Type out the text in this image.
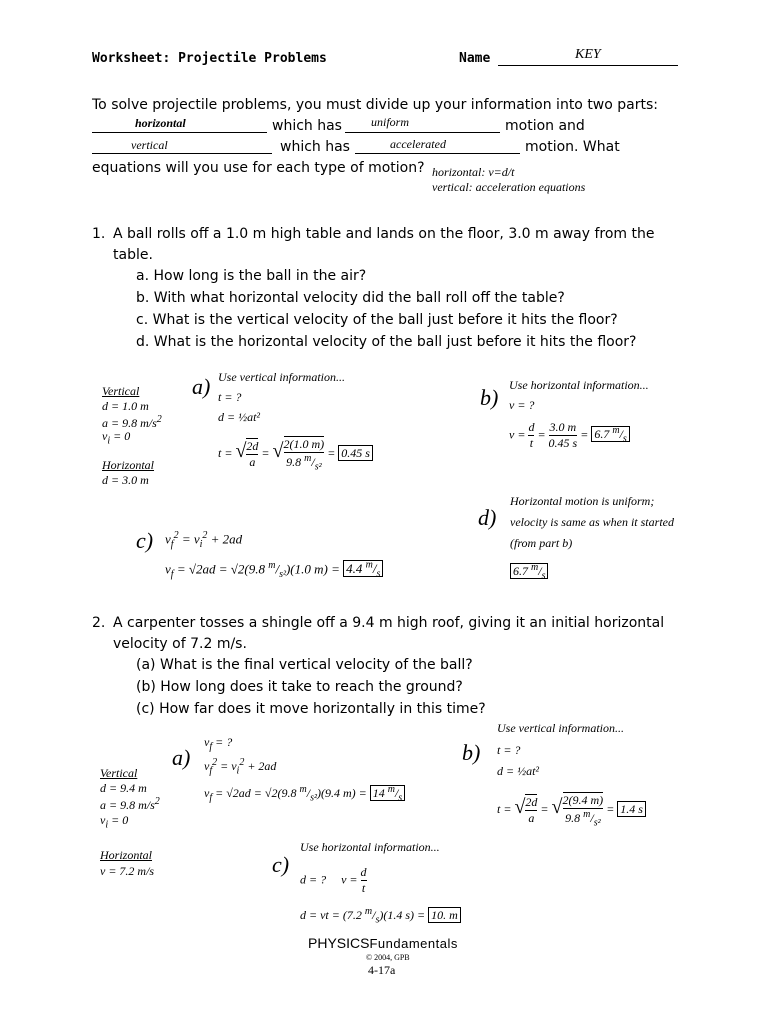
Worksheet: Projectile Problems	Name	KEY
To solve projectile problems, you must divide up your information into two parts:
horizontal	which has uniform	motion and
vertical	which has	accelerated	motion. What
equations will you use for each type of motion? horizontal: v=d/t
vertical: acceleration equations
1. A ball rolls off a 1.0 m high table and lands on the floor, 3.0 m away from the
table.
a. How long is the ball in the air?
b. With what horizontal velocity did the ball roll off the table?
c. What is the vertical velocity of the ball just before it hits the floor?
d. What is the horizontal velocity of the ball just before it hits the floor?
Vertical
d = 1.0 m
a = 9.8 $m/s^2$
$v_i = 0$
Horizontal
d = 3.0 m
a) Use vertical information...
t = ?
d = ½at²
t = √ $\frac{2d}{a}$ = √ $\frac{2(1.0 m)}{9.8 ^m/_{s^2}} = 0.45$ s
b) Use horizontal information...
v = ?
$v = \frac{d}{t} = \frac{3.0 m}{0.45 s} = 6.7$ $^m/_s$
c) $v_f^2 = v_i^2 + 2ad$
$v_f = √2ad = √2(9.8$ $^m/_{s^2})(1.0$ m) = 4.4 $^m/_s$
d)
Horizontal motion is uniform;
velocity is same as when it started
(from part b)
6.7 $^m/_s$
2. A carpenter tosses a shingle off a 9.4 m high roof, giving it an initial horizontal
velocity of 7.2 m/s.
(a) What is the final vertical velocity of the ball?
(b) How long does it take to reach the ground?
(c) How far does it move horizontally in this time?
Vertical
d = 9.4 m
a = 9.8 $m/s^2$
$v_i = 0$
Horizontal
v = 7.2 m/s
a)
$v_f$ = ?
$v_f^2 = v_i^2 + 2ad$
$v_f = √2ad = √2(9.8$ $^m/_{s^2})(9.4$ m) = 14 $^m/_s$
b)
Use vertical information...
t = ?
d = ½at²
t = √ $\frac{2d}{a}$ = √ $\frac{2(9.4 m)}{9.8 ^m/_{s^2}} = 1.4$ s
c)
Use horizontal information...
d = ? $v = \frac{d}{t}$
d = vt = (7.2 $^m/_s)(1.4$ s) = 10. m
PHYSICSFundamentals
© 2004, GPB
4-17a
